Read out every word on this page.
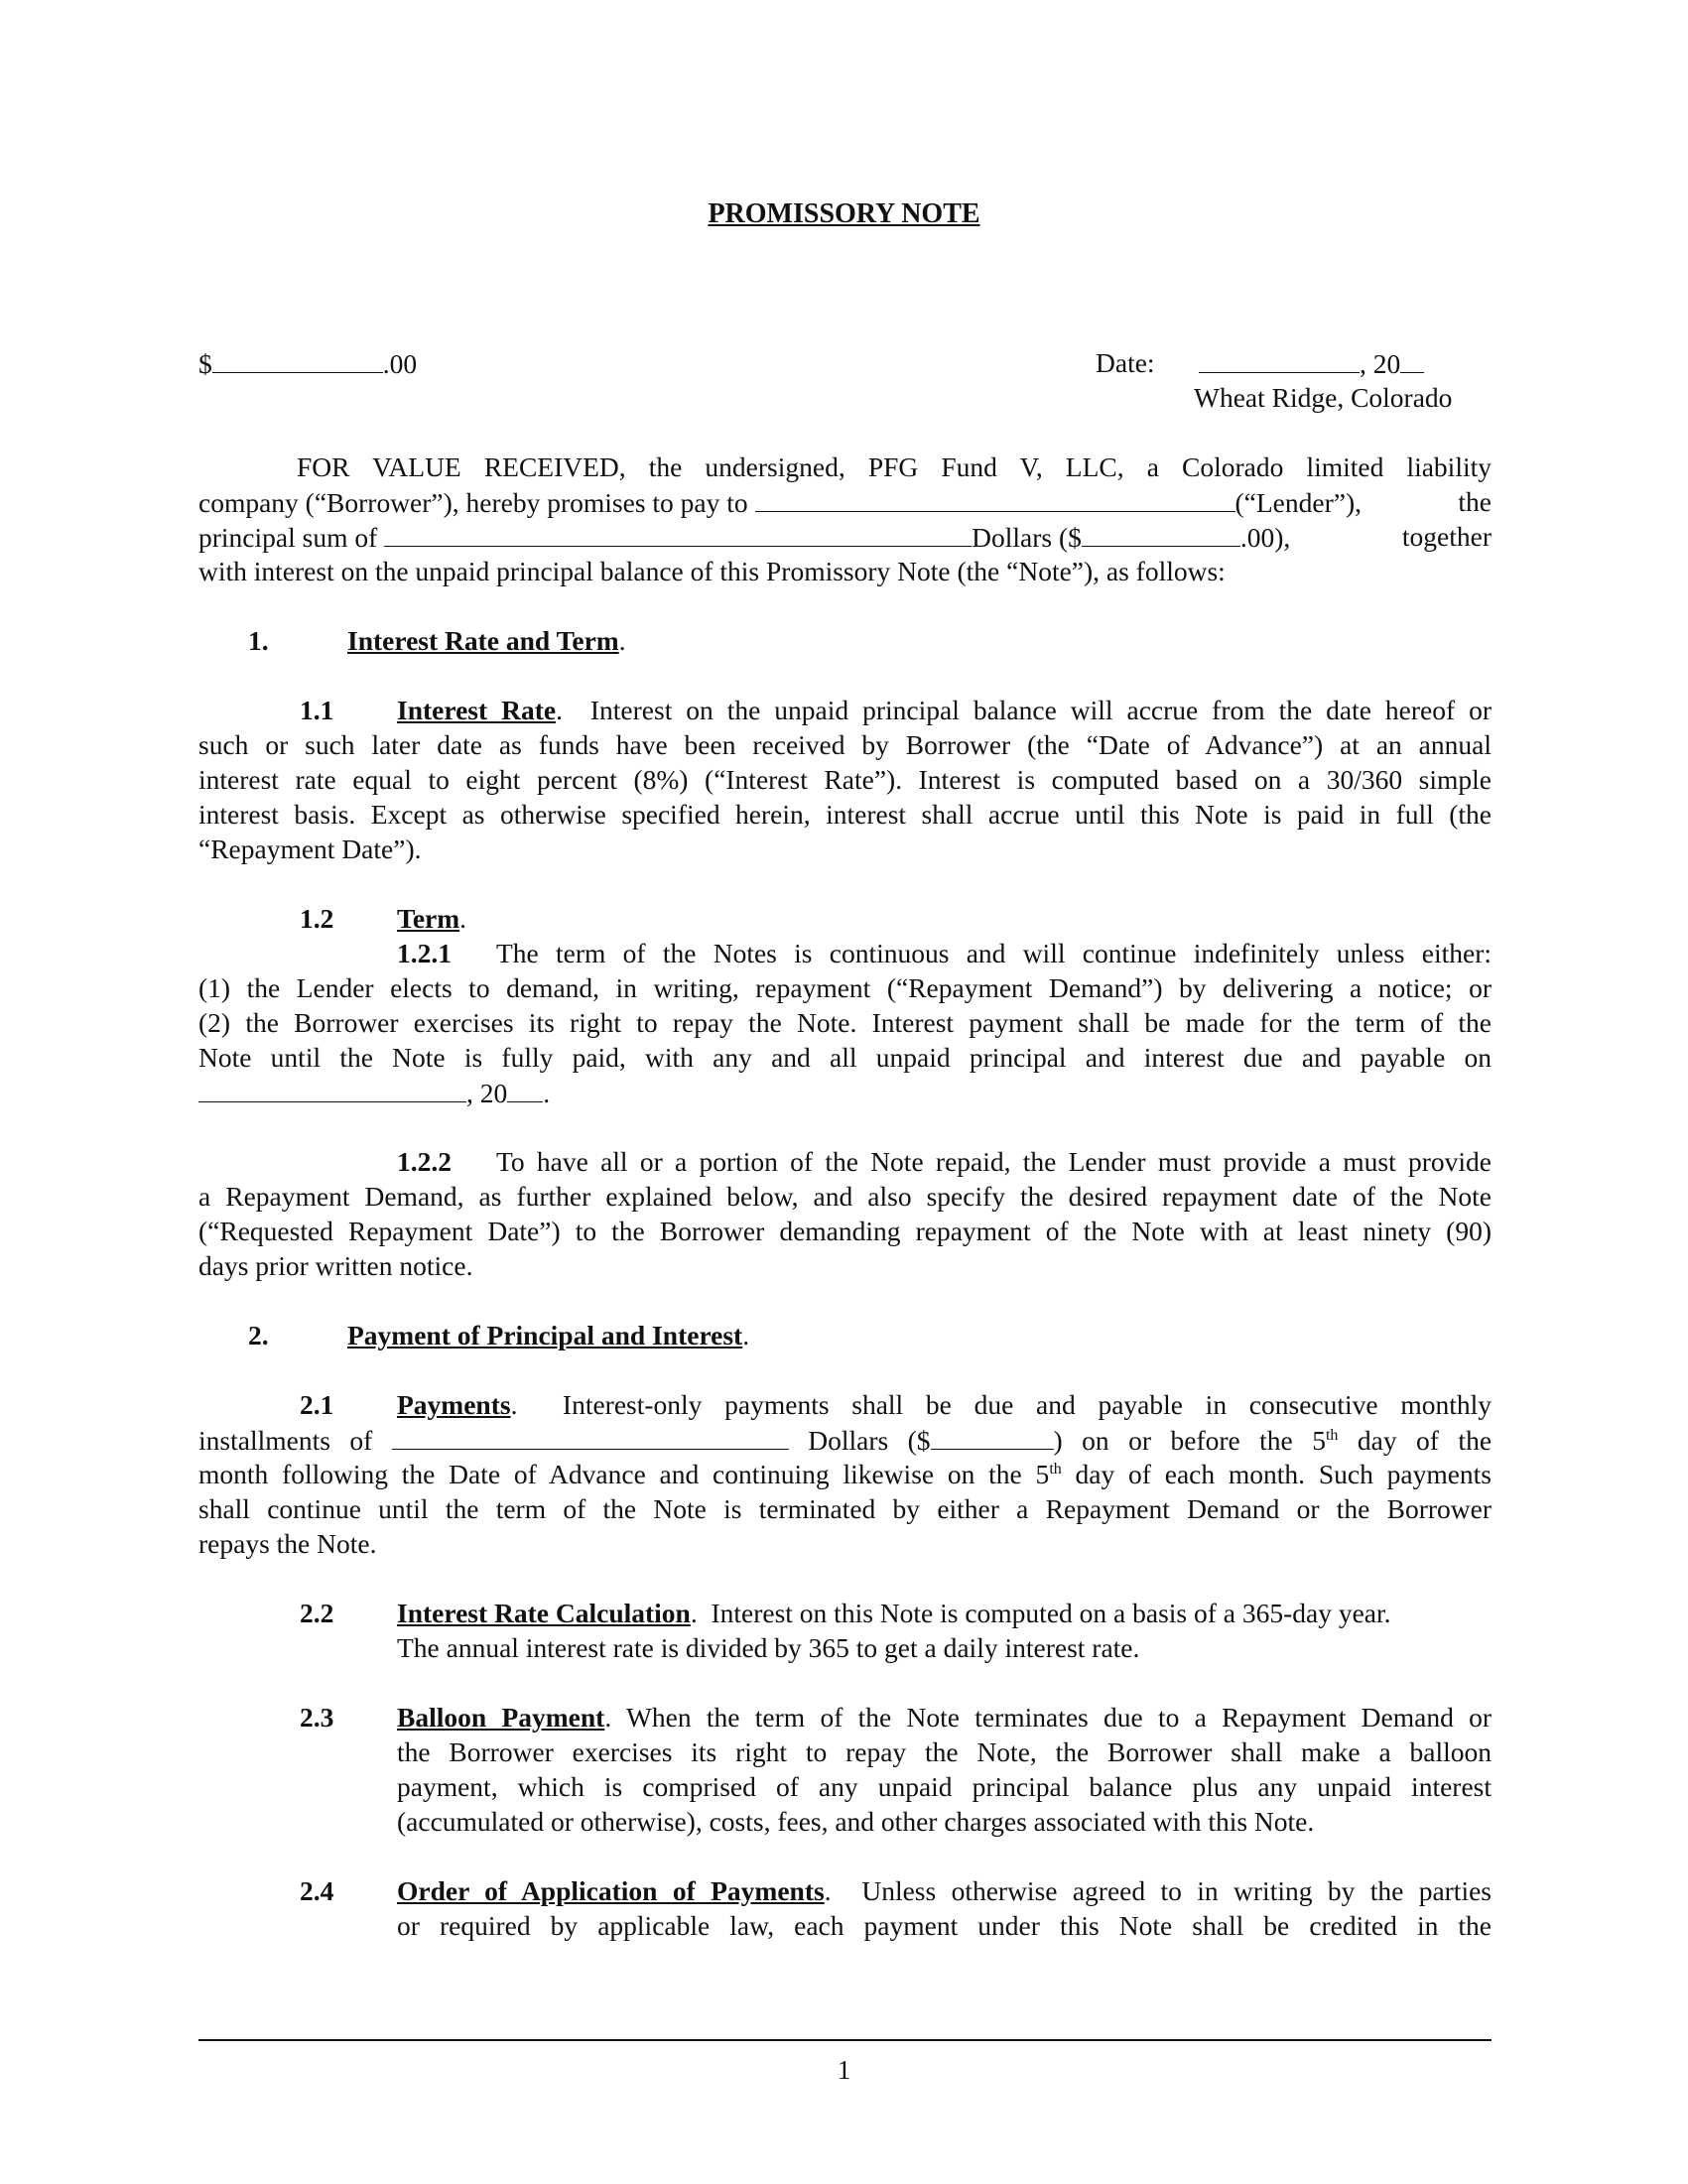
PROMISSORY NOTE
$	.00	Date:	, 20
Wheat Ridge, Colorado
FOR VALUE RECEIVED, the undersigned, PFG Fund V, LLC, a Colorado limited liability
company (“Borrower”), hereby promises to pay to	(“Lender”),	the
principal sum of	Dollars ($	.00),	together
with interest on the unpaid principal balance of this Promissory Note (the “Note”), as follows:
1.	Interest Rate and Term.
1.1 Interest Rate.  Interest on the unpaid principal balance will accrue from the date hereof or
such or such later date as funds have been received by Borrower (the “Date of Advance”) at an annual
interest rate equal to eight percent (8%) (“Interest Rate”). Interest is computed based on a 30/360 simple
interest basis. Except as otherwise specified herein, interest shall accrue until this Note is paid in full (the
“Repayment Date”).
1.2 Term.
1.2.1 The term of the Notes is continuous and will continue indefinitely unless either:
(1) the Lender elects to demand, in writing, repayment (“Repayment Demand”) by delivering a notice; or
(2) the Borrower exercises its right to repay the Note. Interest payment shall be made for the term of the
Note until the Note is fully paid, with any and all unpaid principal and interest due and payable on
, 20 .
1.2.2 To have all or a portion of the Note repaid, the Lender must provide a must provide
a Repayment Demand, as further explained below, and also specify the desired repayment date of the Note
(“Requested Repayment Date”) to the Borrower demanding repayment of the Note with at least ninety (90)
days prior written notice.
2.	Payment of Principal and Interest.
2.1 Payments.  Interest-only payments shall be due and payable in consecutive monthly
installments of	Dollars ($	) on or before the 5th day of the
month following the Date of Advance and continuing likewise on the 5th day of each month. Such payments
shall continue until the term of the Note is terminated by either a Repayment Demand or the Borrower
repays the Note.
2.2 Interest Rate Calculation.  Interest on this Note is computed on a basis of a 365-day year.
The annual interest rate is divided by 365 to get a daily interest rate.
2.3 Balloon Payment. When the term of the Note terminates due to a Repayment Demand or
the Borrower exercises its right to repay the Note, the Borrower shall make a balloon
payment, which is comprised of any unpaid principal balance plus any unpaid interest
(accumulated or otherwise), costs, fees, and other charges associated with this Note.
2.4 Order of Application of Payments.  Unless otherwise agreed to in writing by the parties
or required by applicable law, each payment under this Note shall be credited in the
1
